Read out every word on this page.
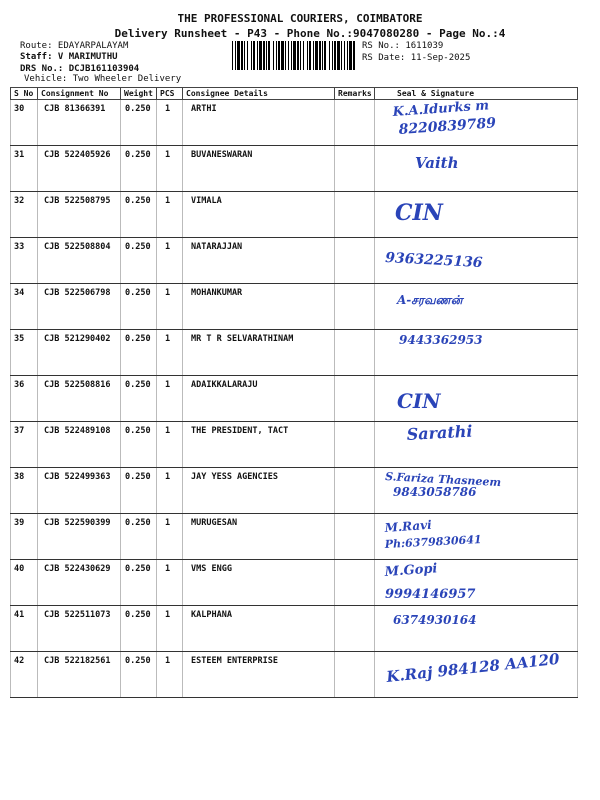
THE PROFESSIONAL COURIERS, COIMBATORE
Delivery Runsheet - P43 - Phone No.:9047080280 - Page No.:4
Route: EDAYARPALAYAM
Staff: V MARIMUTHU
DRS No.: DCJB161103904
Vehicle: Two Wheeler Delivery
RS No.: 1611039
RS Date: 11-Sep-2025
S No	Consignment No	Weight	PCS	Consignee Details	Remarks	Seal & Signature
30	CJB 81366391	0.250	1	ARTHI		K.A.Idurks m
8220839789

31	CJB 522405926	0.250	1	BUVANESWARAN		Vaith

32	CJB 522508795	0.250	1	VIMALA		CIN

33	CJB 522508804	0.250	1	NATARAJJAN		9363225136

34	CJB 522506798	0.250	1	MOHANKUMAR		A-சரவணன்

35	CJB 521290402	0.250	1	MR T R SELVARATHINAM		9443362953

36	CJB 522508816	0.250	1	ADAIKKALARAJU		CIN

37	CJB 522489108	0.250	1	THE PRESIDENT, TACT		Sarathi

38	CJB 522499363	0.250	1	JAY YESS AGENCIES		S.Fariza Thasneem
9843058786

39	CJB 522590399	0.250	1	MURUGESAN		M.Ravi
Ph:6379830641

40	CJB 522430629	0.250	1	VMS ENGG		M.Gopi
9994146957

41	CJB 522511073	0.250	1	KALPHANA		6374930164

42	CJB 522182561	0.250	1	ESTEEM ENTERPRISE		K.Raj 984128 AA120
